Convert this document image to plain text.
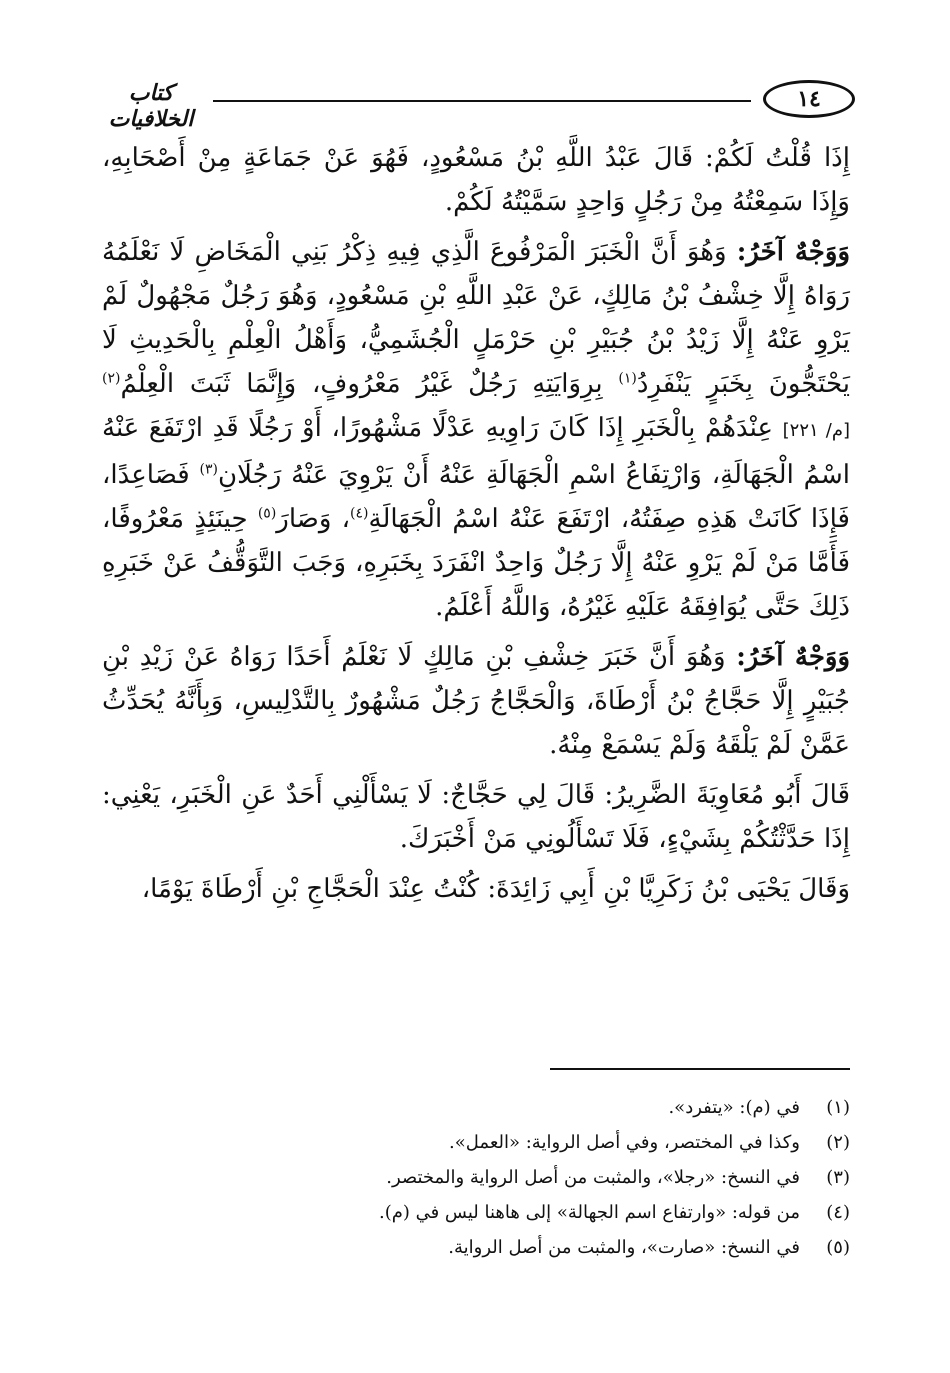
١٤
كتاب الخلافيات

إِذَا قُلْتُ لَكُمْ: قَالَ عَبْدُ اللَّهِ بْنُ مَسْعُودٍ، فَهُوَ عَنْ جَمَاعَةٍ مِنْ أَصْحَابِهِ، وَإِذَا سَمِعْتُهُ مِنْ رَجُلٍ وَاحِدٍ سَمَّيْتُهُ لَكُمْ.

وَوَجْهٌ آخَرُ: وَهُوَ أَنَّ الْخَبَرَ الْمَرْفُوعَ الَّذِي فِيهِ ذِكْرُ بَنِي الْمَخَاضِ لَا نَعْلَمُهُ رَوَاهُ إِلَّا خِشْفُ بْنُ مَالِكٍ، عَنْ عَبْدِ اللَّهِ بْنِ مَسْعُودٍ، وَهُوَ رَجُلٌ مَجْهُولٌ لَمْ يَرْوِ عَنْهُ إِلَّا زَيْدُ بْنُ جُبَيْرِ بْنِ حَرْمَلٍ الْجُشَمِيُّ، وَأَهْلُ الْعِلْمِ بِالْحَدِيثِ لَا يَحْتَجُّونَ بِخَبَرٍ يَنْفَرِدُ$^{(١)}$ بِرِوَايَتِهِ رَجُلٌ غَيْرُ مَعْرُوفٍ، وَإِنَّمَا ثَبَتَ الْعِلْمُ$^{(٢)}$ [م/ ٢٢١] عِنْدَهُمْ بِالْخَبَرِ إِذَا كَانَ رَاوِيهِ عَدْلًا مَشْهُورًا، أَوْ رَجُلًا قَدِ ارْتَفَعَ عَنْهُ اسْمُ الْجَهَالَةِ، وَارْتِفَاعُ اسْمِ الْجَهَالَةِ عَنْهُ أَنْ يَرْوِيَ عَنْهُ رَجُلَانِ$^{(٣)}$ فَصَاعِدًا، فَإِذَا كَانَتْ هَذِهِ صِفَتُهُ، ارْتَفَعَ عَنْهُ اسْمُ الْجَهَالَةِ$^{(٤)}$، وَصَارَ$^{(٥)}$ حِينَئِذٍ مَعْرُوفًا، فَأَمَّا مَنْ لَمْ يَرْوِ عَنْهُ إِلَّا رَجُلٌ وَاحِدٌ انْفَرَدَ بِخَبَرِهِ، وَجَبَ التَّوَقُّفُ عَنْ خَبَرِهِ ذَلِكَ حَتَّى يُوَافِقَهُ عَلَيْهِ غَيْرُهُ، وَاللَّهُ أَعْلَمُ.

وَوَجْهٌ آخَرُ: وَهُوَ أَنَّ خَبَرَ خِشْفِ بْنِ مَالِكٍ لَا نَعْلَمُ أَحَدًا رَوَاهُ عَنْ زَيْدِ بْنِ جُبَيْرٍ إِلَّا حَجَّاجُ بْنُ أَرْطَاةَ، وَالْحَجَّاجُ رَجُلٌ مَشْهُورٌ بِالتَّدْلِيسِ، وَبِأَنَّهُ يُحَدِّثُ عَمَّنْ لَمْ يَلْقَهُ وَلَمْ يَسْمَعْ مِنْهُ.

قَالَ أَبُو مُعَاوِيَةَ الضَّرِيرُ: قَالَ لِي حَجَّاجٌ: لَا يَسْأَلْنِي أَحَدٌ عَنِ الْخَبَرِ، يَعْنِي: إِذَا حَدَّثْتُكُمْ بِشَيْءٍ، فَلَا تَسْأَلُونِي مَنْ أَخْبَرَكَ.

وَقَالَ يَحْيَى بْنُ زَكَرِيَّا بْنِ أَبِي زَائِدَةَ: كُنْتُ عِنْدَ الْحَجَّاجِ بْنِ أَرْطَاةَ يَوْمًا،

(١)
في (م): «يتفرد».
(٢)
وكذا في المختصر، وفي أصل الرواية: «العمل».
(٣)
في النسخ: «رجلا»، والمثبت من أصل الرواية والمختصر.
(٤)
من قوله: «وارتفاع اسم الجهالة» إلى هاهنا ليس في (م).
(٥)
في النسخ: «صارت»، والمثبت من أصل الرواية.
